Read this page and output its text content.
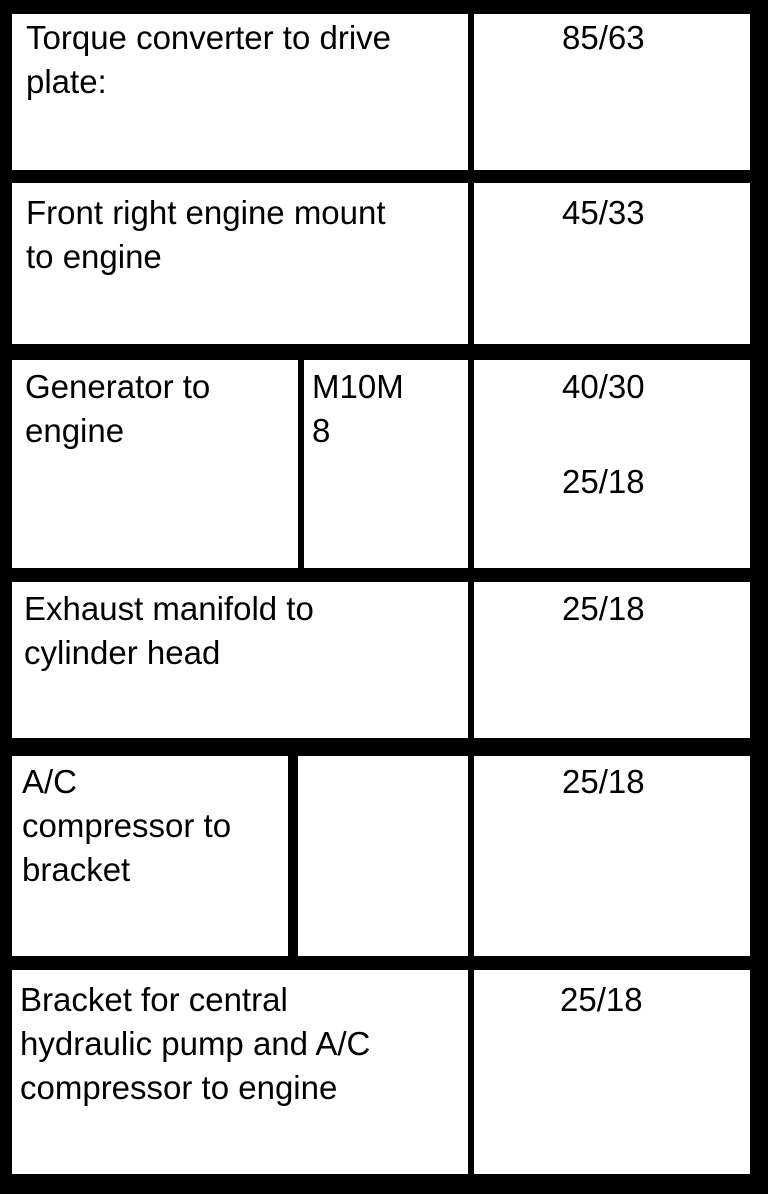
Torque converter to drive
plate:
85/63
Front right engine mount
to engine
45/33
Generator to
engine
M10M
8
40/30
25/18
Exhaust manifold to
cylinder head
25/18
A/C
compressor to
bracket
25/18
Bracket for central
hydraulic pump and A/C
compressor to engine
25/18
